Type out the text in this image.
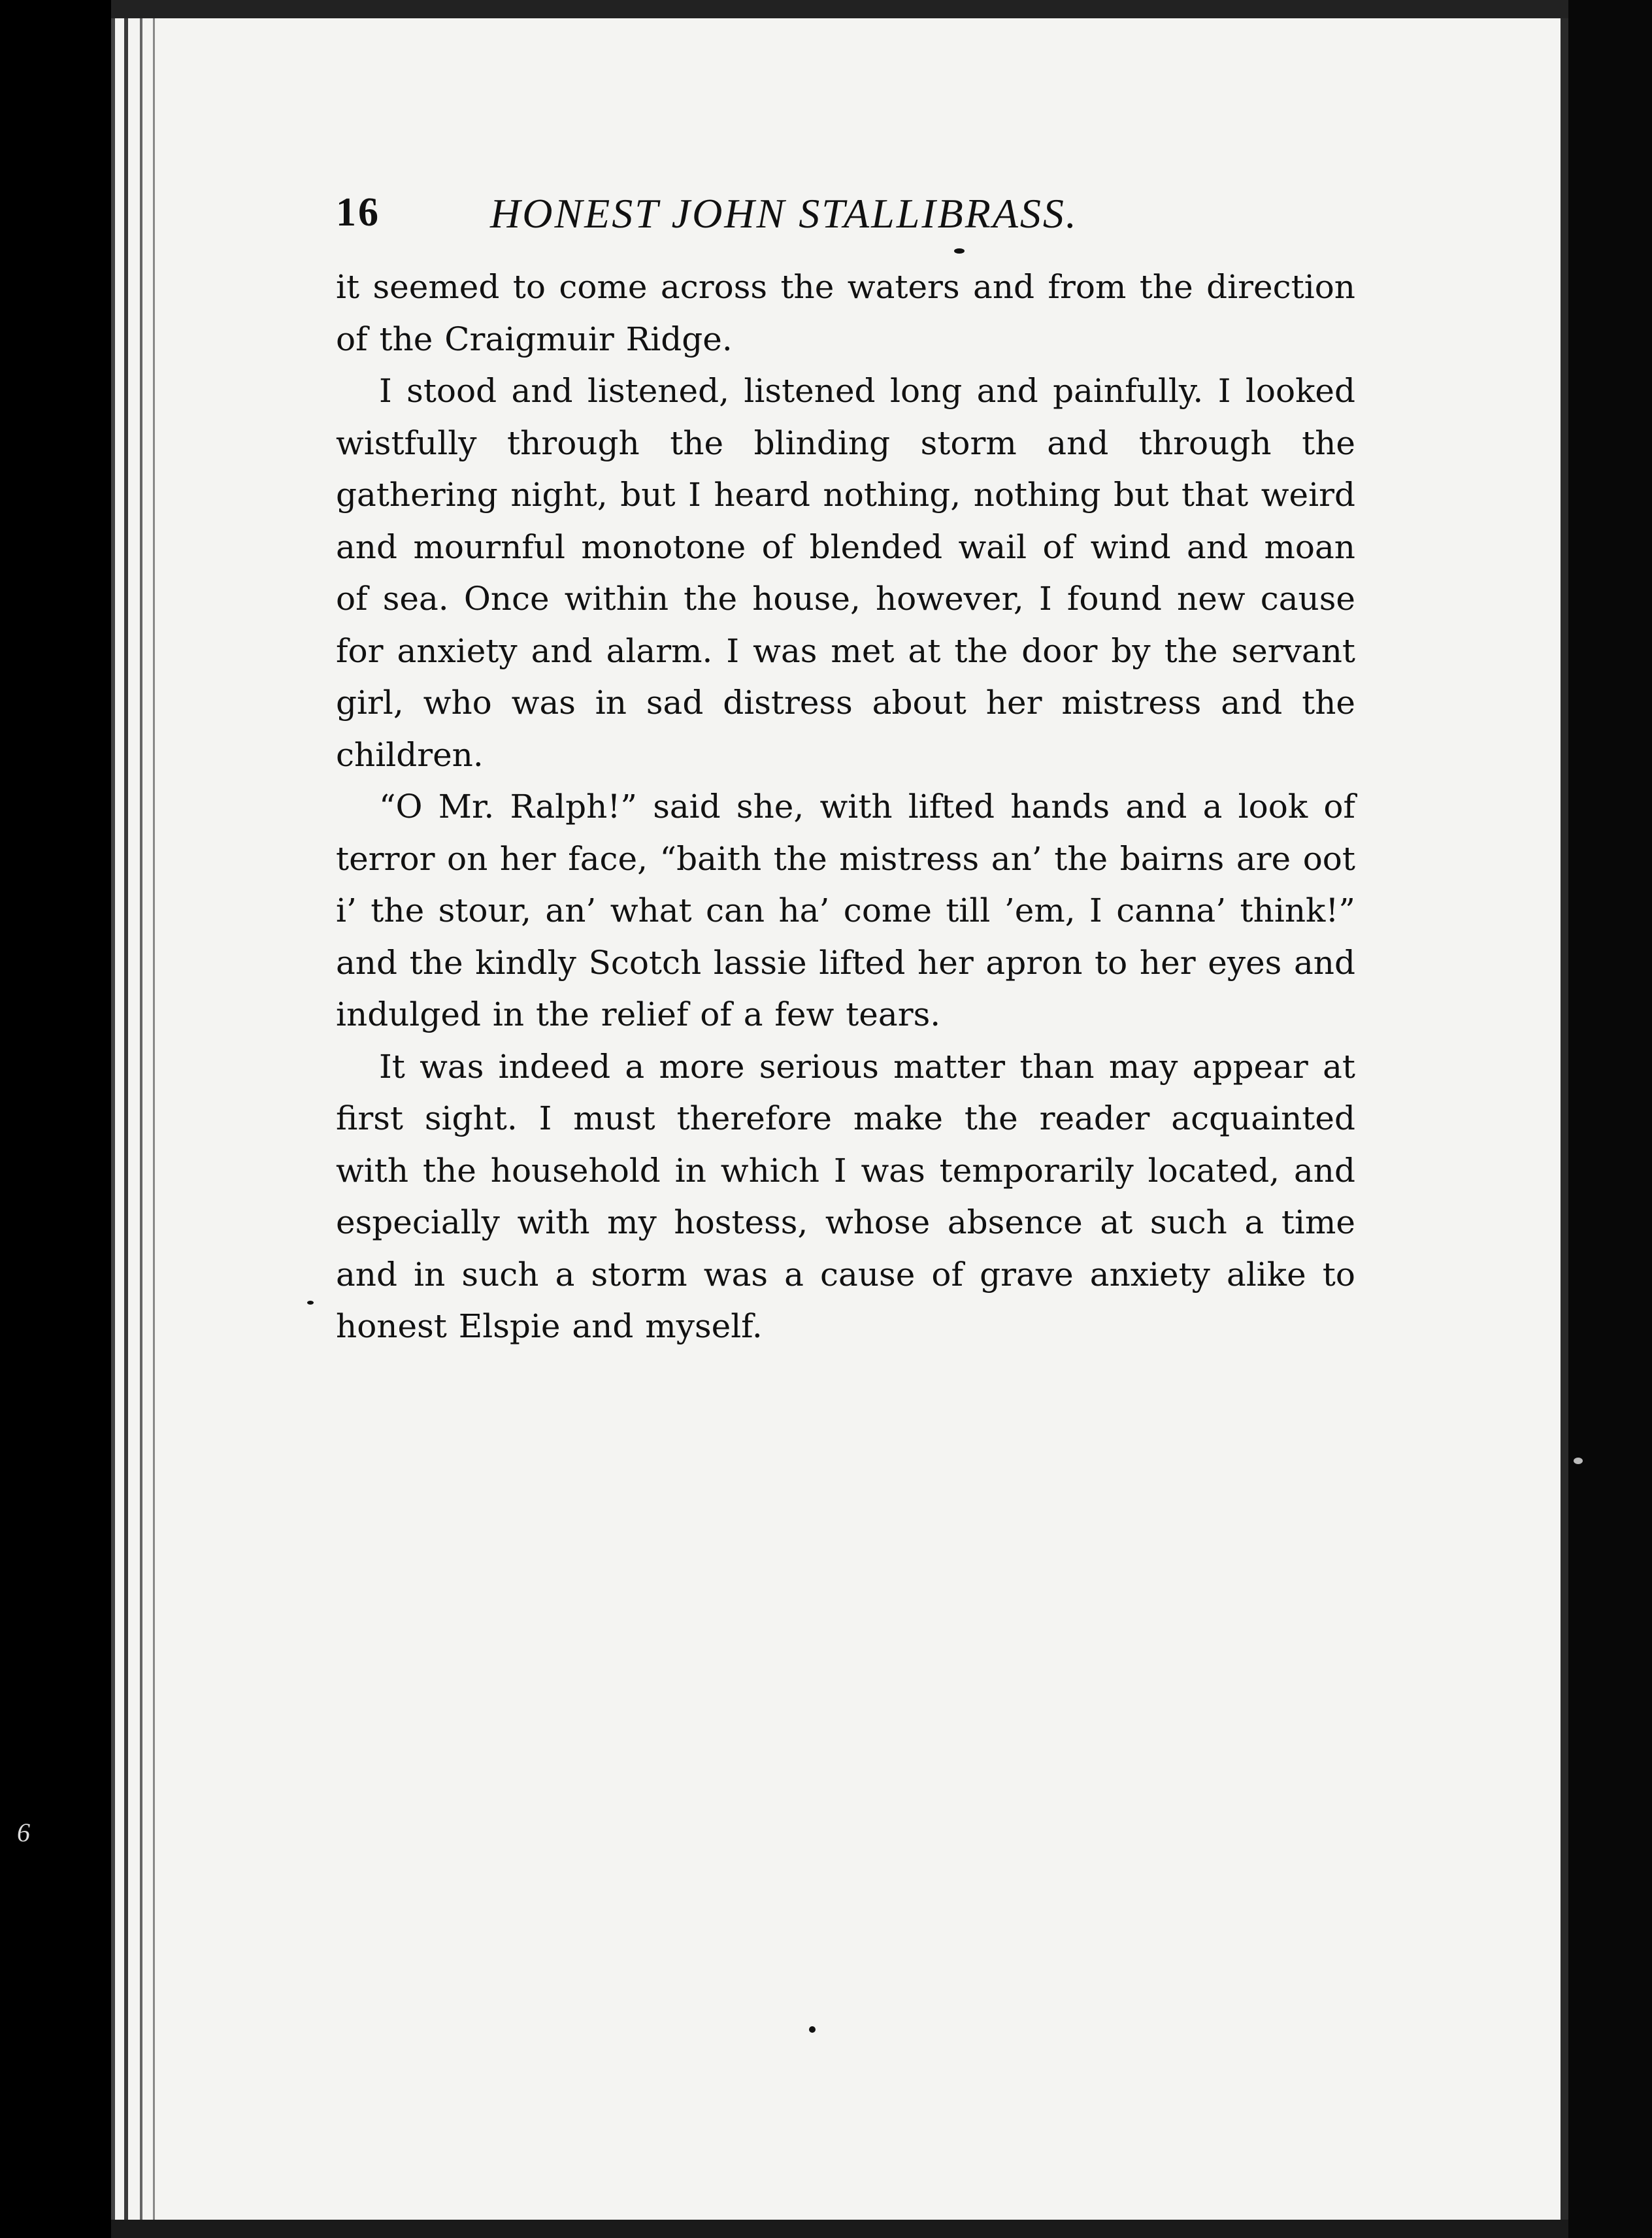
6
16	HONEST JOHN STALLIBRASS.

it seemed to come across the waters and from the direction of the Craigmuir Ridge.

I stood and listened, listened long and painfully. I looked wistfully through the blinding storm and through the gathering night, but I heard nothing, nothing but that weird and mournful monotone of blended wail of wind and moan of sea. Once within the house, however, I found new cause for anxiety and alarm. I was met at the door by the servant girl, who was in sad distress about her mistress and the children.

“O Mr. Ralph!” said she, with lifted hands and a look of terror on her face, “baith the mistress an’ the bairns are oot i’ the stour, an’ what can ha’ come till ’em, I canna’ think!” and the kindly Scotch lassie lifted her apron to her eyes and indulged in the relief of a few tears.

It was indeed a more serious matter than may appear at first sight. I must therefore make the reader acquainted with the household in which I was temporarily located, and especially with my hostess, whose absence at such a time and in such a storm was a cause of grave anxiety alike to honest Elspie and myself.
